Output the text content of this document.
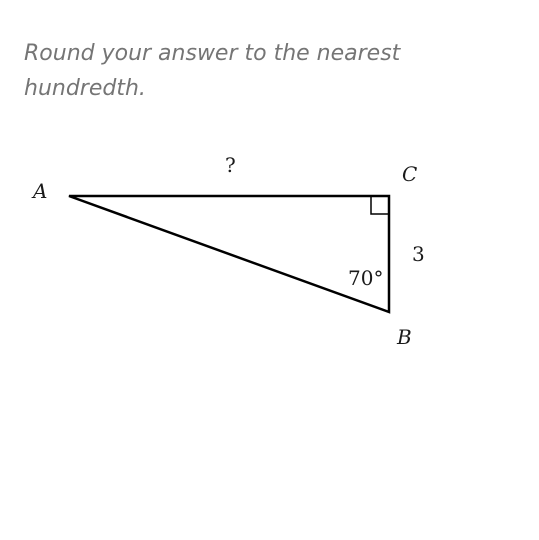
Round your answer to the nearest hundredth.

A
C
B
?
3
70°
